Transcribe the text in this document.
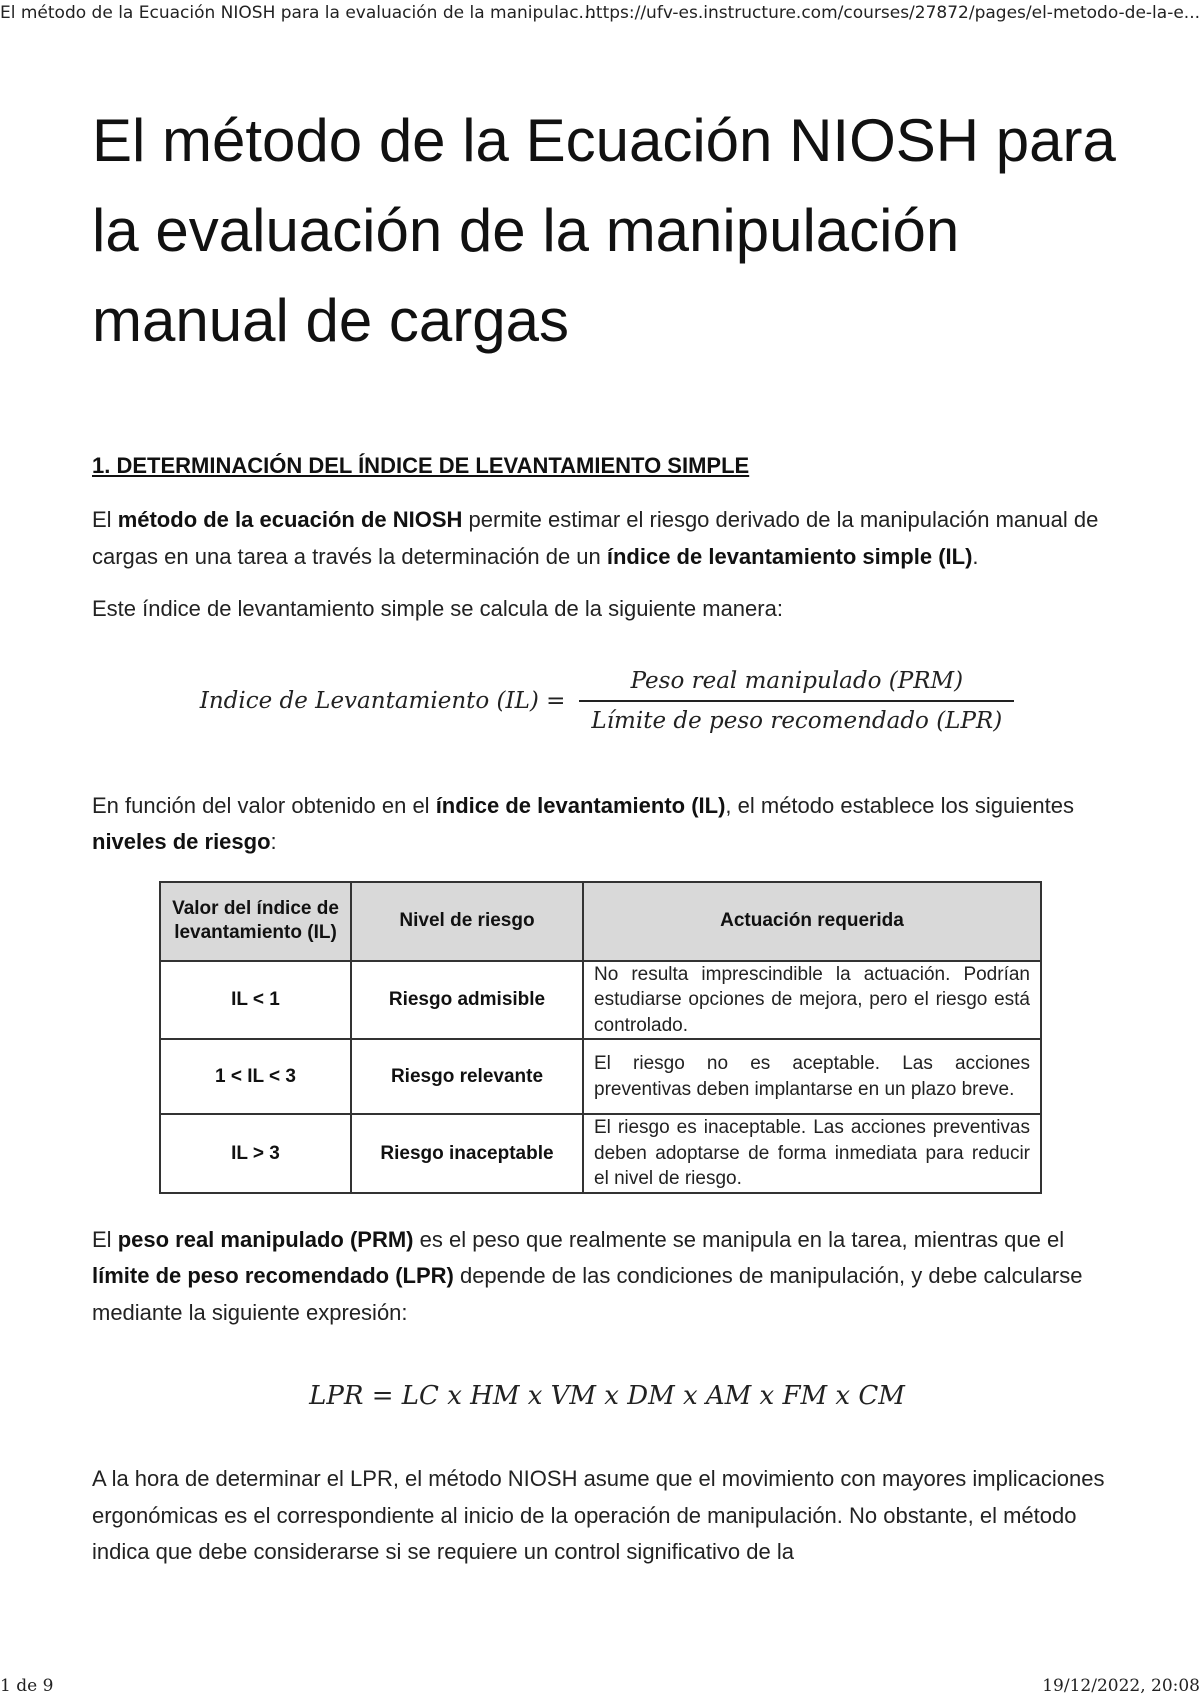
El método de la Ecuación NIOSH para la evaluación de la manipulac...
https://ufv-es.instructure.com/courses/27872/pages/el-metodo-de-la-e...
El método de la Ecuación NIOSH para la evaluación de la manipulación manual de cargas
1. DETERMINACIÓN DEL ÍNDICE DE LEVANTAMIENTO SIMPLE

El método de la ecuación de NIOSH permite estimar el riesgo derivado de la manipulación manual de cargas en una tarea a través la determinación de un índice de levantamiento simple (IL).

Este índice de levantamiento simple se calcula de la siguiente manera:

Indice de Levantamiento $(IL) = \frac{\text{Peso real manipulado (PRM)}}{\text{Límite de peso recomendado (LPR)}}$

En función del valor obtenido en el índice de levantamiento (IL), el método establece los siguientes niveles de riesgo:

Valor del índice de levantamiento (IL)	Nivel de riesgo	Actuación requerida
IL < 1	Riesgo admisible	No resulta imprescindible la actuación. Podrían estudiarse opciones de mejora, pero el riesgo está controlado.
1 < IL < 3	Riesgo relevante	El riesgo no es aceptable. Las acciones preventivas deben implantarse en un plazo breve.
IL > 3	Riesgo inaceptable	El riesgo es inaceptable. Las acciones preventivas deben adoptarse de forma inmediata para reducir el nivel de riesgo.

El peso real manipulado (PRM) es el peso que realmente se manipula en la tarea, mientras que el límite de peso recomendado (LPR) depende de las condiciones de manipulación, y debe calcularse mediante la siguiente expresión:

LPR = LC x HM x VM x DM x AM x FM x CM

A la hora de determinar el LPR, el método NIOSH asume que el movimiento con mayores implicaciones ergonómicas es el correspondiente al inicio de la operación de manipulación. No obstante, el método indica que debe considerarse si se requiere un control significativo de la

1 de 9	19/12/2022, 20:08
